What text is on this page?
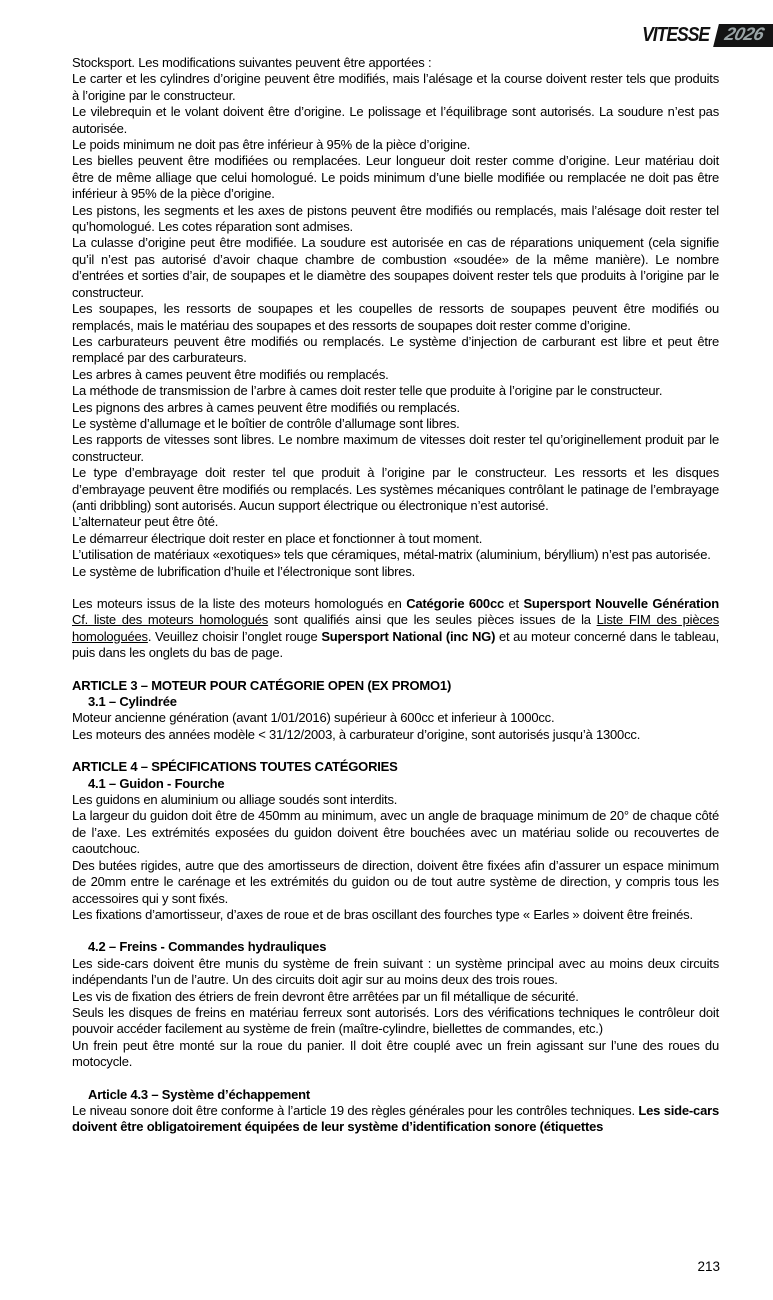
VITESSE 2026

Stocksport. Les modifications suivantes peuvent être apportées :

Le carter et les cylindres d’origine peuvent être modifiés, mais l’alésage et la course doivent rester tels que produits à l’origine par le constructeur.

Le vilebrequin et le volant doivent être d’origine. Le polissage et l’équilibrage sont autorisés. La soudure n’est pas autorisée.

Le poids minimum ne doit pas être inférieur à 95% de la pièce d’origine.

Les bielles peuvent être modifiées ou remplacées. Leur longueur doit rester comme d’origine. Leur matériau doit être de même alliage que celui homologué. Le poids minimum d’une bielle modifiée ou remplacée ne doit pas être inférieur à 95% de la pièce d’origine.

Les pistons, les segments et les axes de pistons peuvent être modifiés ou remplacés, mais l’alésage doit rester tel qu’homologué. Les cotes réparation sont admises.

La culasse d’origine peut être modifiée. La soudure est autorisée en cas de réparations uniquement (cela signifie qu’il n’est pas autorisé d’avoir chaque chambre de combustion «soudée» de la même manière). Le nombre d’entrées et sorties d’air, de soupapes et le diamètre des soupapes doivent rester tels que produits à l’origine par le constructeur.

Les soupapes, les ressorts de soupapes et les coupelles de ressorts de soupapes peuvent être modifiés ou remplacés, mais le matériau des soupapes et des ressorts de soupapes doit rester comme d’origine.

Les carburateurs peuvent être modifiés ou remplacés. Le système d’injection de carburant est libre et peut être remplacé par des carburateurs.

Les arbres à cames peuvent être modifiés ou remplacés.

La méthode de transmission de l’arbre à cames doit rester telle que produite à l’origine par le constructeur.

Les pignons des arbres à cames peuvent être modifiés ou remplacés.

Le système d’allumage et le boîtier de contrôle d’allumage sont libres.

Les rapports de vitesses sont libres. Le nombre maximum de vitesses doit rester tel qu’originellement produit par le constructeur.

Le type d’embrayage doit rester tel que produit à l’origine par le constructeur. Les ressorts et les disques d’embrayage peuvent être modifiés ou remplacés. Les systèmes mécaniques contrôlant le patinage de l’embrayage (anti dribbling) sont autorisés. Aucun support électrique ou électronique n’est autorisé.

L’alternateur peut être ôté.

Le démarreur électrique doit rester en place et fonctionner à tout moment.

L’utilisation de matériaux «exotiques» tels que céramiques, métal-matrix (aluminium, béryllium) n’est pas autorisée.

Le système de lubrification d’huile et l’électronique sont libres.

Les moteurs issus de la liste des moteurs homologués en Catégorie 600cc et Supersport Nouvelle Génération Cf. liste des moteurs homologués sont qualifiés ainsi que les seules pièces issues de la Liste FIM des pièces homologuées. Veuillez choisir l’onglet rouge Supersport National (inc NG) et au moteur concerné dans le tableau, puis dans les onglets du bas de page.

ARTICLE 3 – MOTEUR POUR CATÉGORIE OPEN (EX PROMO1)

3.1 – Cylindrée

Moteur ancienne génération (avant 1/01/2016) supérieur à 600cc et inferieur à 1000cc.

Les moteurs des années modèle < 31/12/2003, à carburateur d’origine, sont autorisés jusqu’à 1300cc.

ARTICLE 4 – SPÉCIFICATIONS TOUTES CATÉGORIES

4.1 – Guidon - Fourche

Les guidons en aluminium ou alliage soudés sont interdits.

La largeur du guidon doit être de 450mm au minimum, avec un angle de braquage minimum de 20° de chaque côté de l’axe. Les extrémités exposées du guidon doivent être bouchées avec un matériau solide ou recouvertes de caoutchouc.

Des butées rigides, autre que des amortisseurs de direction, doivent être fixées afin d’assurer un espace minimum de 20mm entre le carénage et les extrémités du guidon ou de tout autre système de direction, y compris tous les accessoires qui y sont fixés.

Les fixations d’amortisseur, d’axes de roue et de bras oscillant des fourches type « Earles » doivent être freinés.

4.2 – Freins - Commandes hydrauliques

Les side-cars doivent être munis du système de frein suivant : un système principal avec au moins deux circuits indépendants l’un de l’autre. Un des circuits doit agir sur au moins deux des trois roues.

Les vis de fixation des étriers de frein devront être arrêtées par un fil métallique de sécurité.

Seuls les disques de freins en matériau ferreux sont autorisés. Lors des vérifications techniques le contrôleur doit pouvoir accéder facilement au système de frein (maître-cylindre, biellettes de commandes, etc.)

Un frein peut être monté sur la roue du panier. Il doit être couplé avec un frein agissant sur l’une des roues du motocycle.

Article 4.3 – Système d’échappement

Le niveau sonore doit être conforme à l’article 19 des règles générales pour les contrôles techniques. Les side-cars doivent être obligatoirement équipées de leur système d’identification sonore (étiquettes

213
